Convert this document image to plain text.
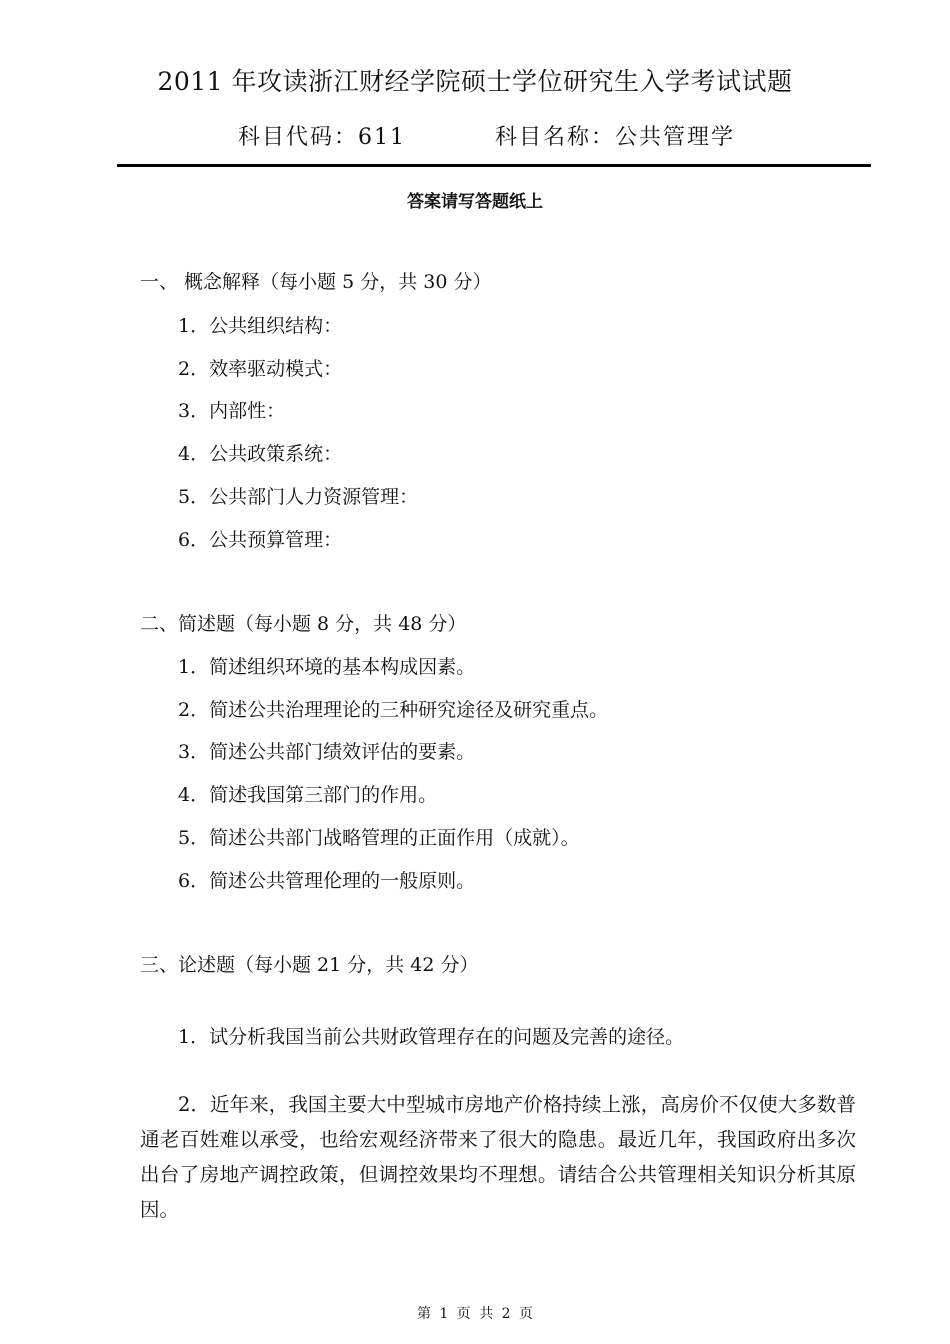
2011 年攻读浙江财经学院硕士学位研究生入学考试试题
科目代码：611	科目名称：公共管理学
答案请写答题纸上
一、 概念解释（每小题 5 分，共 30 分）
1．公共组织结构：
2．效率驱动模式：
3．内部性：
4．公共政策系统：
5．公共部门人力资源管理：
6．公共预算管理：
二、简述题（每小题 8 分，共 48 分）
1．简述组织环境的基本构成因素。
2．简述公共治理理论的三种研究途径及研究重点。
3．简述公共部门绩效评估的要素。
4．简述我国第三部门的作用。
5．简述公共部门战略管理的正面作用（成就）。
6．简述公共管理伦理的一般原则。
三、论述题（每小题 21 分，共 42 分）
1．试分析我国当前公共财政管理存在的问题及完善的途径。
2．近年来，我国主要大中型城市房地产价格持续上涨，高房价不仅使大多数普通老百姓难以承受，也给宏观经济带来了很大的隐患。最近几年，我国政府出多次出台了房地产调控政策，但调控效果均不理想。请结合公共管理相关知识分析其原因。
第 1 页 共 2 页
